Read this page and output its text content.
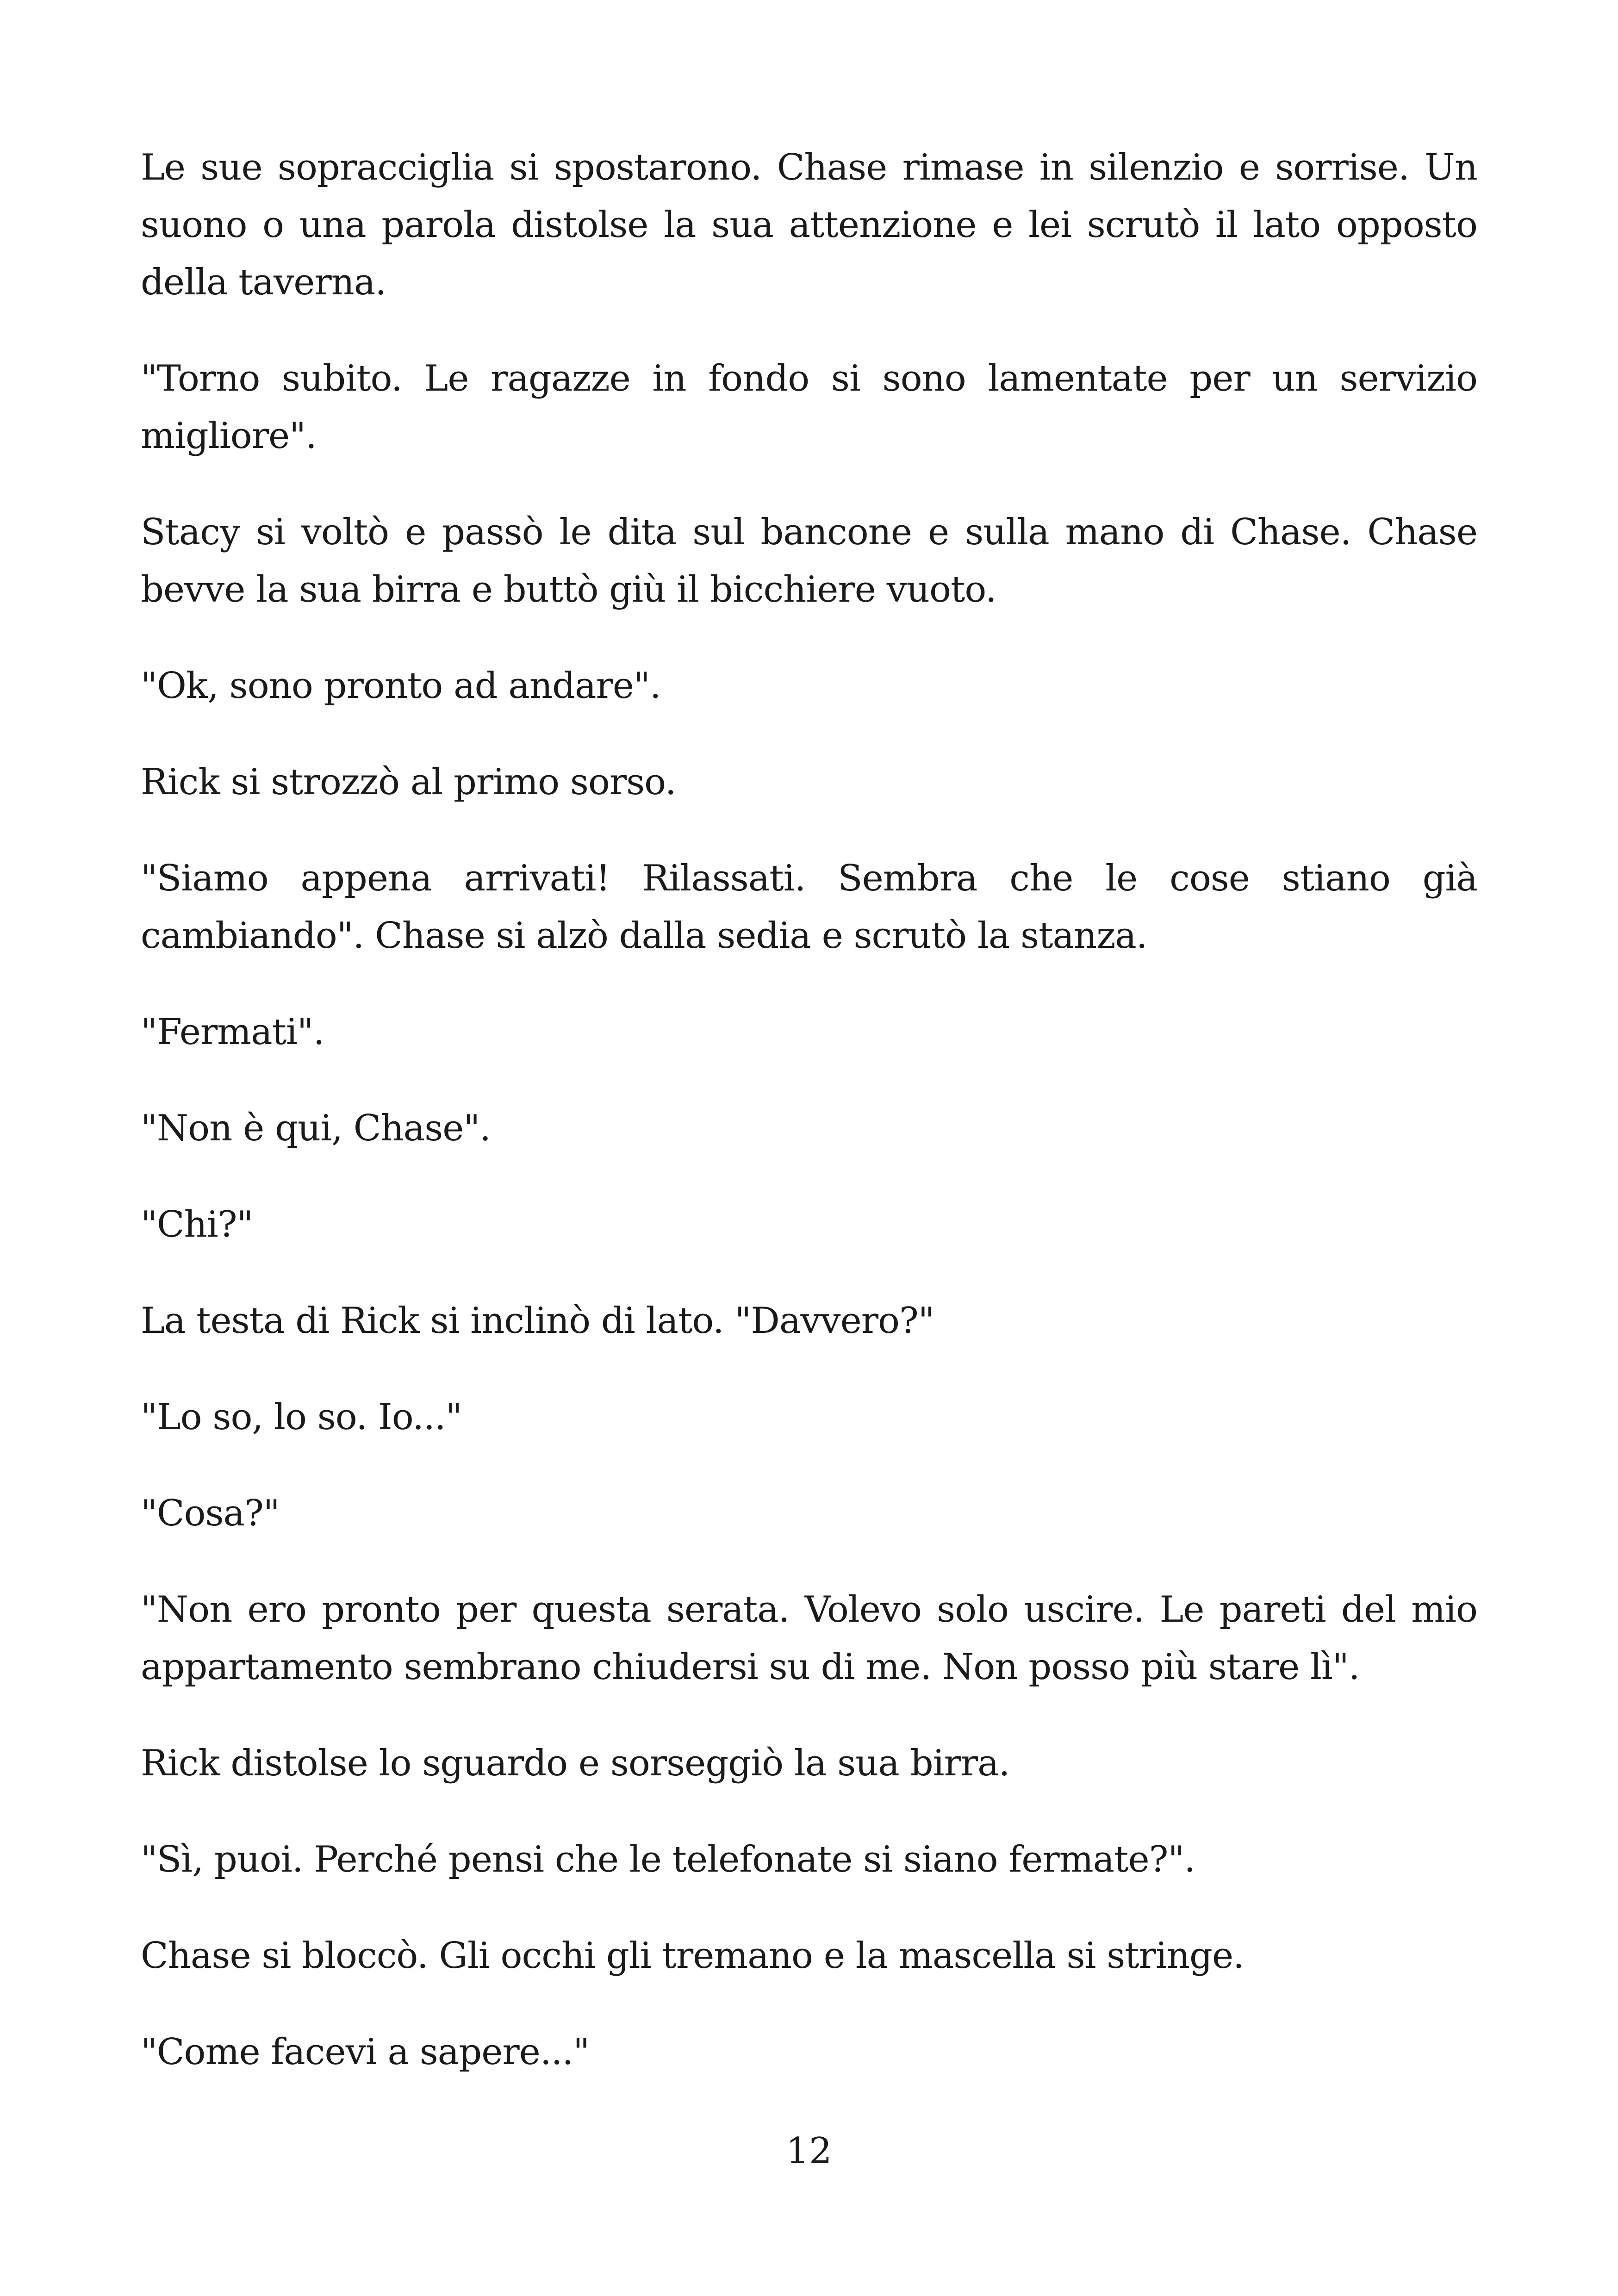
Le sue sopracciglia si spostarono. Chase rimase in silenzio e sorrise. Un suono o una parola distolse la sua attenzione e lei scrutò il lato opposto della taverna.

"Torno subito. Le ragazze in fondo si sono lamentate per un servizio migliore".

Stacy si voltò e passò le dita sul bancone e sulla mano di Chase. Chase bevve la sua birra e buttò giù il bicchiere vuoto.

"Ok, sono pronto ad andare".

Rick si strozzò al primo sorso.

"Siamo appena arrivati! Rilassati. Sembra che le cose stiano già cambiando". Chase si alzò dalla sedia e scrutò la stanza.

"Fermati".

"Non è qui, Chase".

"Chi?"

La testa di Rick si inclinò di lato. "Davvero?"

"Lo so, lo so. Io..."

"Cosa?"

"Non ero pronto per questa serata. Volevo solo uscire. Le pareti del mio appartamento sembrano chiudersi su di me. Non posso più stare lì".

Rick distolse lo sguardo e sorseggiò la sua birra.

"Sì, puoi. Perché pensi che le telefonate si siano fermate?".

Chase si bloccò. Gli occhi gli tremano e la mascella si stringe.

"Come facevi a sapere..."

12
